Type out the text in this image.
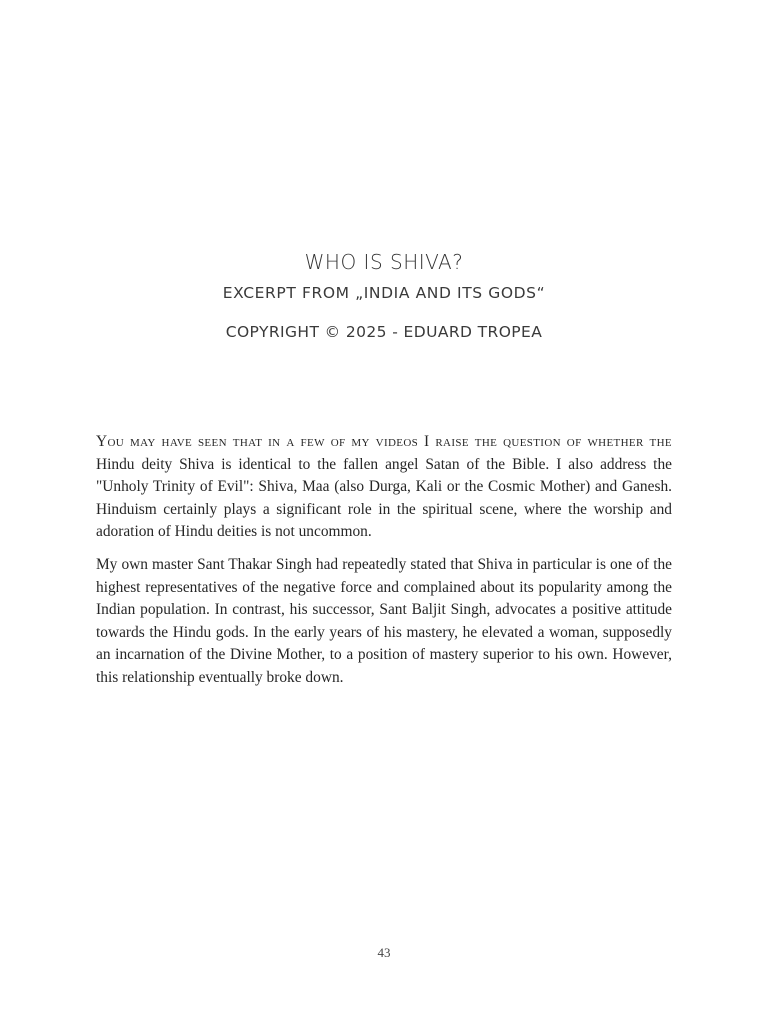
WHO IS SHIVA?
EXCERPT FROM „INDIA AND ITS GODS“
COPYRIGHT © 2025 - EDUARD TROPEA

You may have seen that in a few of my videos I raise the question of whether the Hindu deity Shiva is identical to the fallen angel Satan of the Bible. I also address the "Unholy Trinity of Evil": Shiva, Maa (also Durga, Kali or the Cosmic Mother) and Ganesh. Hinduism certainly plays a significant role in the spiritual scene, where the worship and adoration of Hindu deities is not uncommon.

My own master Sant Thakar Singh had repeatedly stated that Shiva in particular is one of the highest representatives of the negative force and complained about its popularity among the Indian population. In contrast, his successor, Sant Baljit Singh, advocates a positive attitude towards the Hindu gods. In the early years of his mastery, he elevated a woman, supposedly an incarnation of the Divine Mother, to a position of mastery superior to his own. However, this relationship eventually broke down.

43
